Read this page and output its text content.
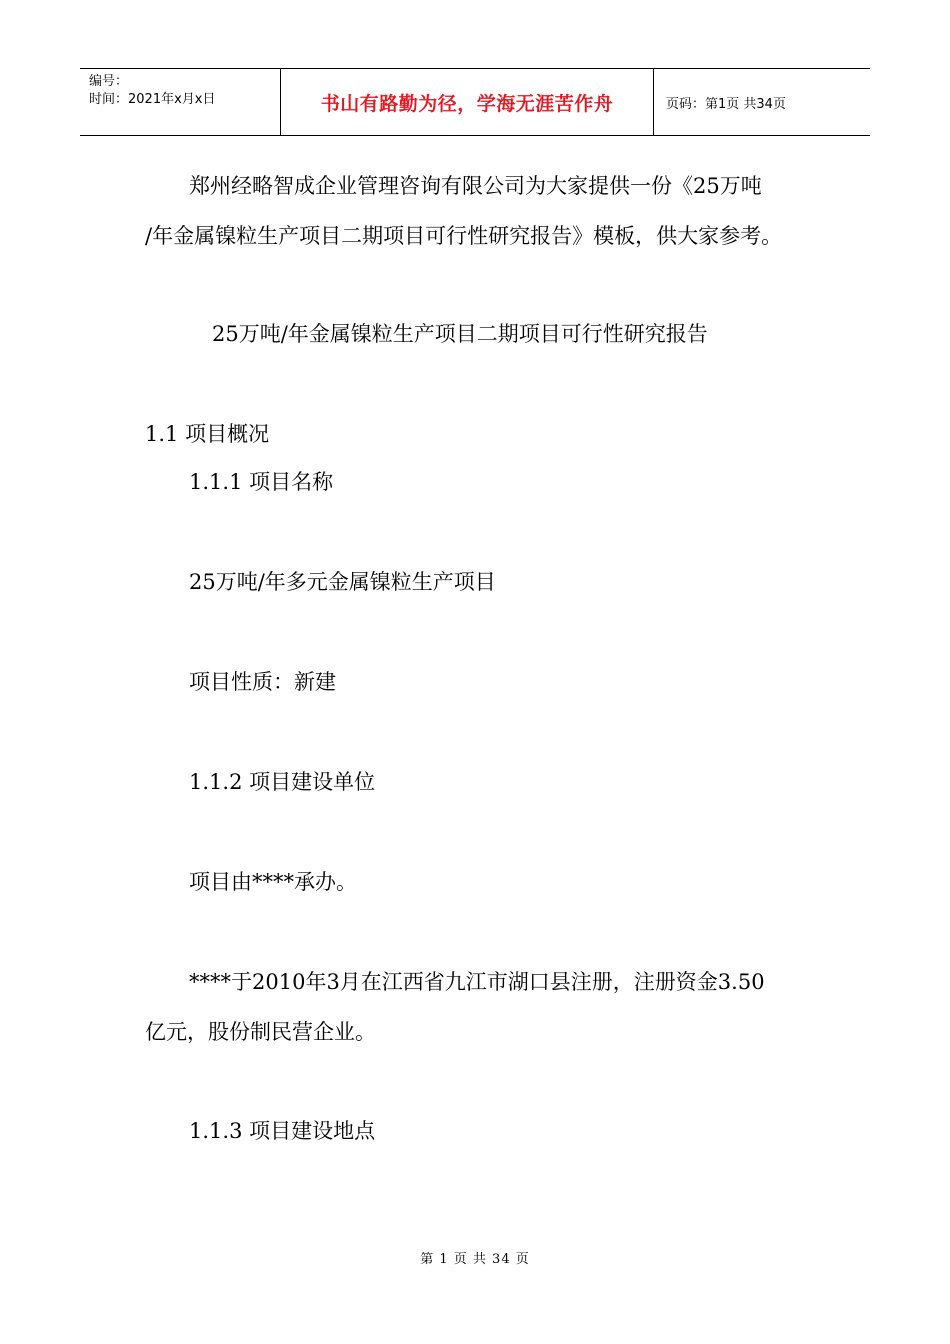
编号：
时间：2021年x月x日	书山有路勤为径，学海无涯苦作舟	页码：第1页 共34页

郑州经略智成企业管理咨询有限公司为大家提供一份《25万吨

/年金属镍粒生产项目二期项目可行性研究报告》模板，供大家参考。

25万吨/年金属镍粒生产项目二期项目可行性研究报告

1.1 项目概况

1.1.1 项目名称

25万吨/年多元金属镍粒生产项目

项目性质：新建

1.1.2 项目建设单位

项目由****承办。

****于2010年3月在江西省九江市湖口县注册，注册资金3.50

亿元，股份制民营企业。

1.1.3 项目建设地点

第 1 页 共 34 页
